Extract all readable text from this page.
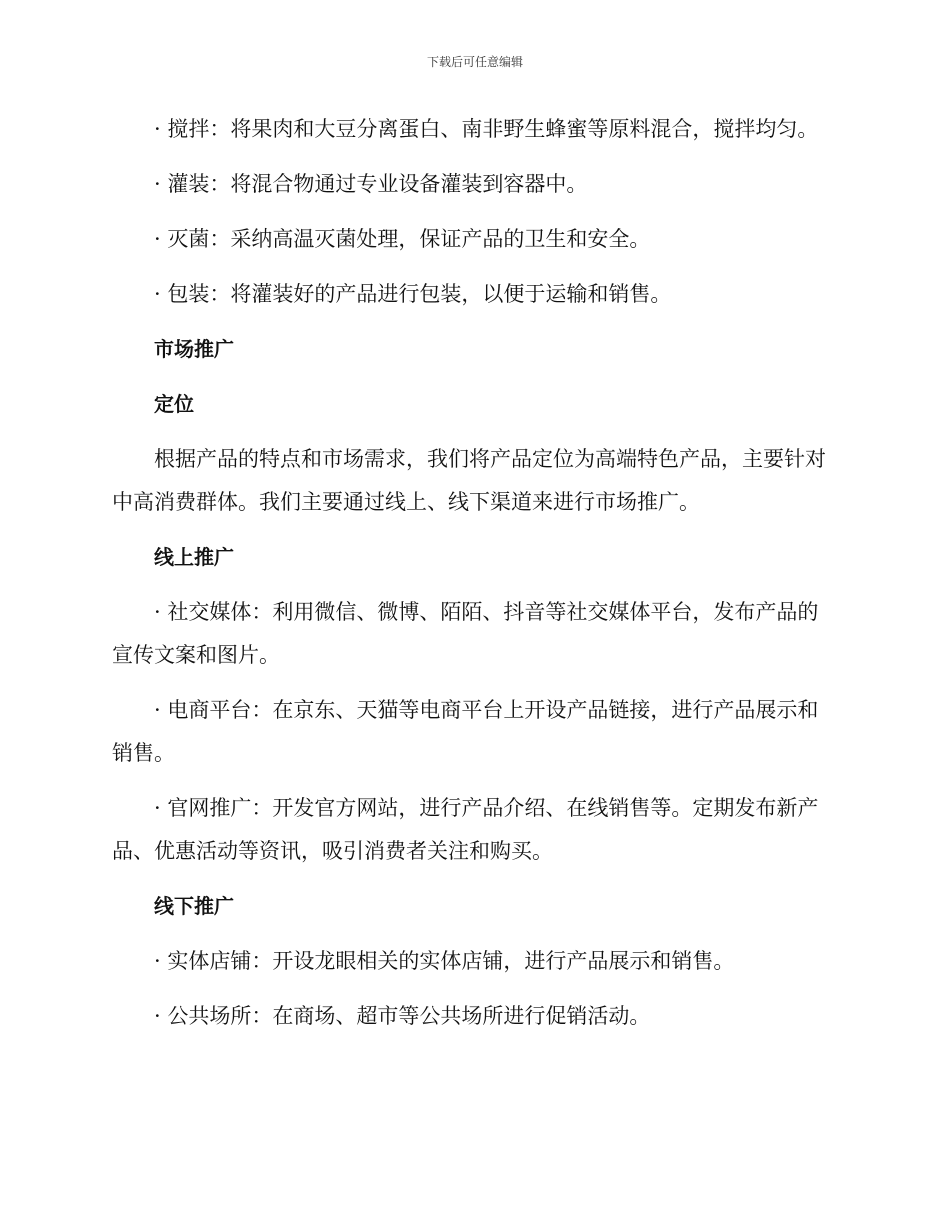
下载后可任意编辑

· 搅拌：将果肉和大豆分离蛋白、南非野生蜂蜜等原料混合，搅拌均匀。

· 灌装：将混合物通过专业设备灌装到容器中。

· 灭菌：采纳高温灭菌处理，保证产品的卫生和安全。

· 包装：将灌装好的产品进行包装，以便于运输和销售。

市场推广
定位

根据产品的特点和市场需求，我们将产品定位为高端特色产品，主要针对中高消费群体。我们主要通过线上、线下渠道来进行市场推广。

线上推广

· 社交媒体：利用微信、微博、陌陌、抖音等社交媒体平台，发布产品的宣传文案和图片。

· 电商平台：在京东、天猫等电商平台上开设产品链接，进行产品展示和销售。

· 官网推广：开发官方网站，进行产品介绍、在线销售等。定期发布新产品、优惠活动等资讯，吸引消费者关注和购买。

线下推广

· 实体店铺：开设龙眼相关的实体店铺，进行产品展示和销售。

· 公共场所：在商场、超市等公共场所进行促销活动。
